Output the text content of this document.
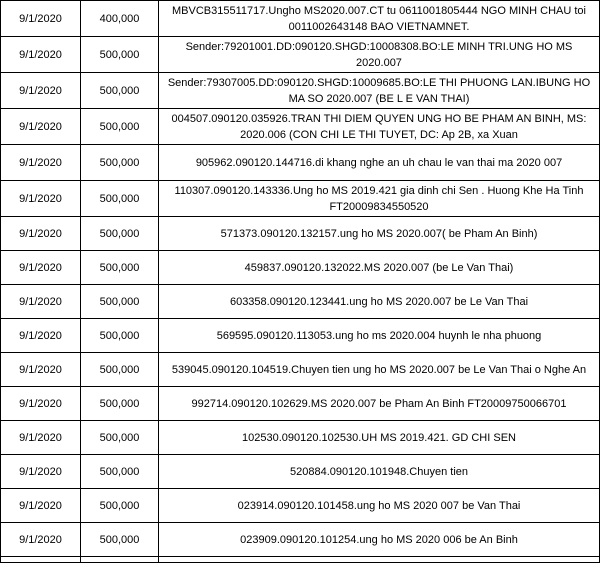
9/1/2020	400,000	MBVCB315511717.Ungho MS2020.007.CT tu 0611001805444 NGO MINH CHAU toi 0011002643148 BAO VIETNAMNET.
9/1/2020	500,000	Sender:79201001.DD:090120.SHGD:10008308.BO:LE MINH TRI.UNG HO MS 2020.007
9/1/2020	500,000	Sender:79307005.DD:090120.SHGD:10009685.BO:LE THI PHUONG LAN.IBUNG HO MA SO 2020.007 (BE L E VAN THAI)
9/1/2020	500,000	004507.090120.035926.TRAN THI DIEM QUYEN UNG HO BE PHAM AN BINH, MS: 2020.006 (CON CHI LE THI TUYET, DC: Ap 2B, xa Xuan
9/1/2020	500,000	905962.090120.144716.di khang nghe an uh chau le van thai ma 2020 007
9/1/2020	500,000	110307.090120.143336.Ung ho MS 2019.421 gia dinh chi Sen . Huong Khe Ha Tinh FT20009834550520
9/1/2020	500,000	571373.090120.132157.ung ho MS 2020.007( be Pham An Binh)
9/1/2020	500,000	459837.090120.132022.MS 2020.007 (be Le Van Thai)
9/1/2020	500,000	603358.090120.123441.ung ho MS 2020.007 be Le Van Thai
9/1/2020	500,000	569595.090120.113053.ung ho ms 2020.004 huynh le nha phuong
9/1/2020	500,000	539045.090120.104519.Chuyen tien ung ho MS 2020.007 be Le Van Thai o Nghe An
9/1/2020	500,000	992714.090120.102629.MS 2020.007 be Pham An Binh FT20009750066701
9/1/2020	500,000	102530.090120.102530.UH MS 2019.421. GD CHI SEN
9/1/2020	500,000	520884.090120.101948.Chuyen tien
9/1/2020	500,000	023914.090120.101458.ung ho MS 2020 007 be Van Thai
9/1/2020	500,000	023909.090120.101254.ung ho MS 2020 006 be An Binh
